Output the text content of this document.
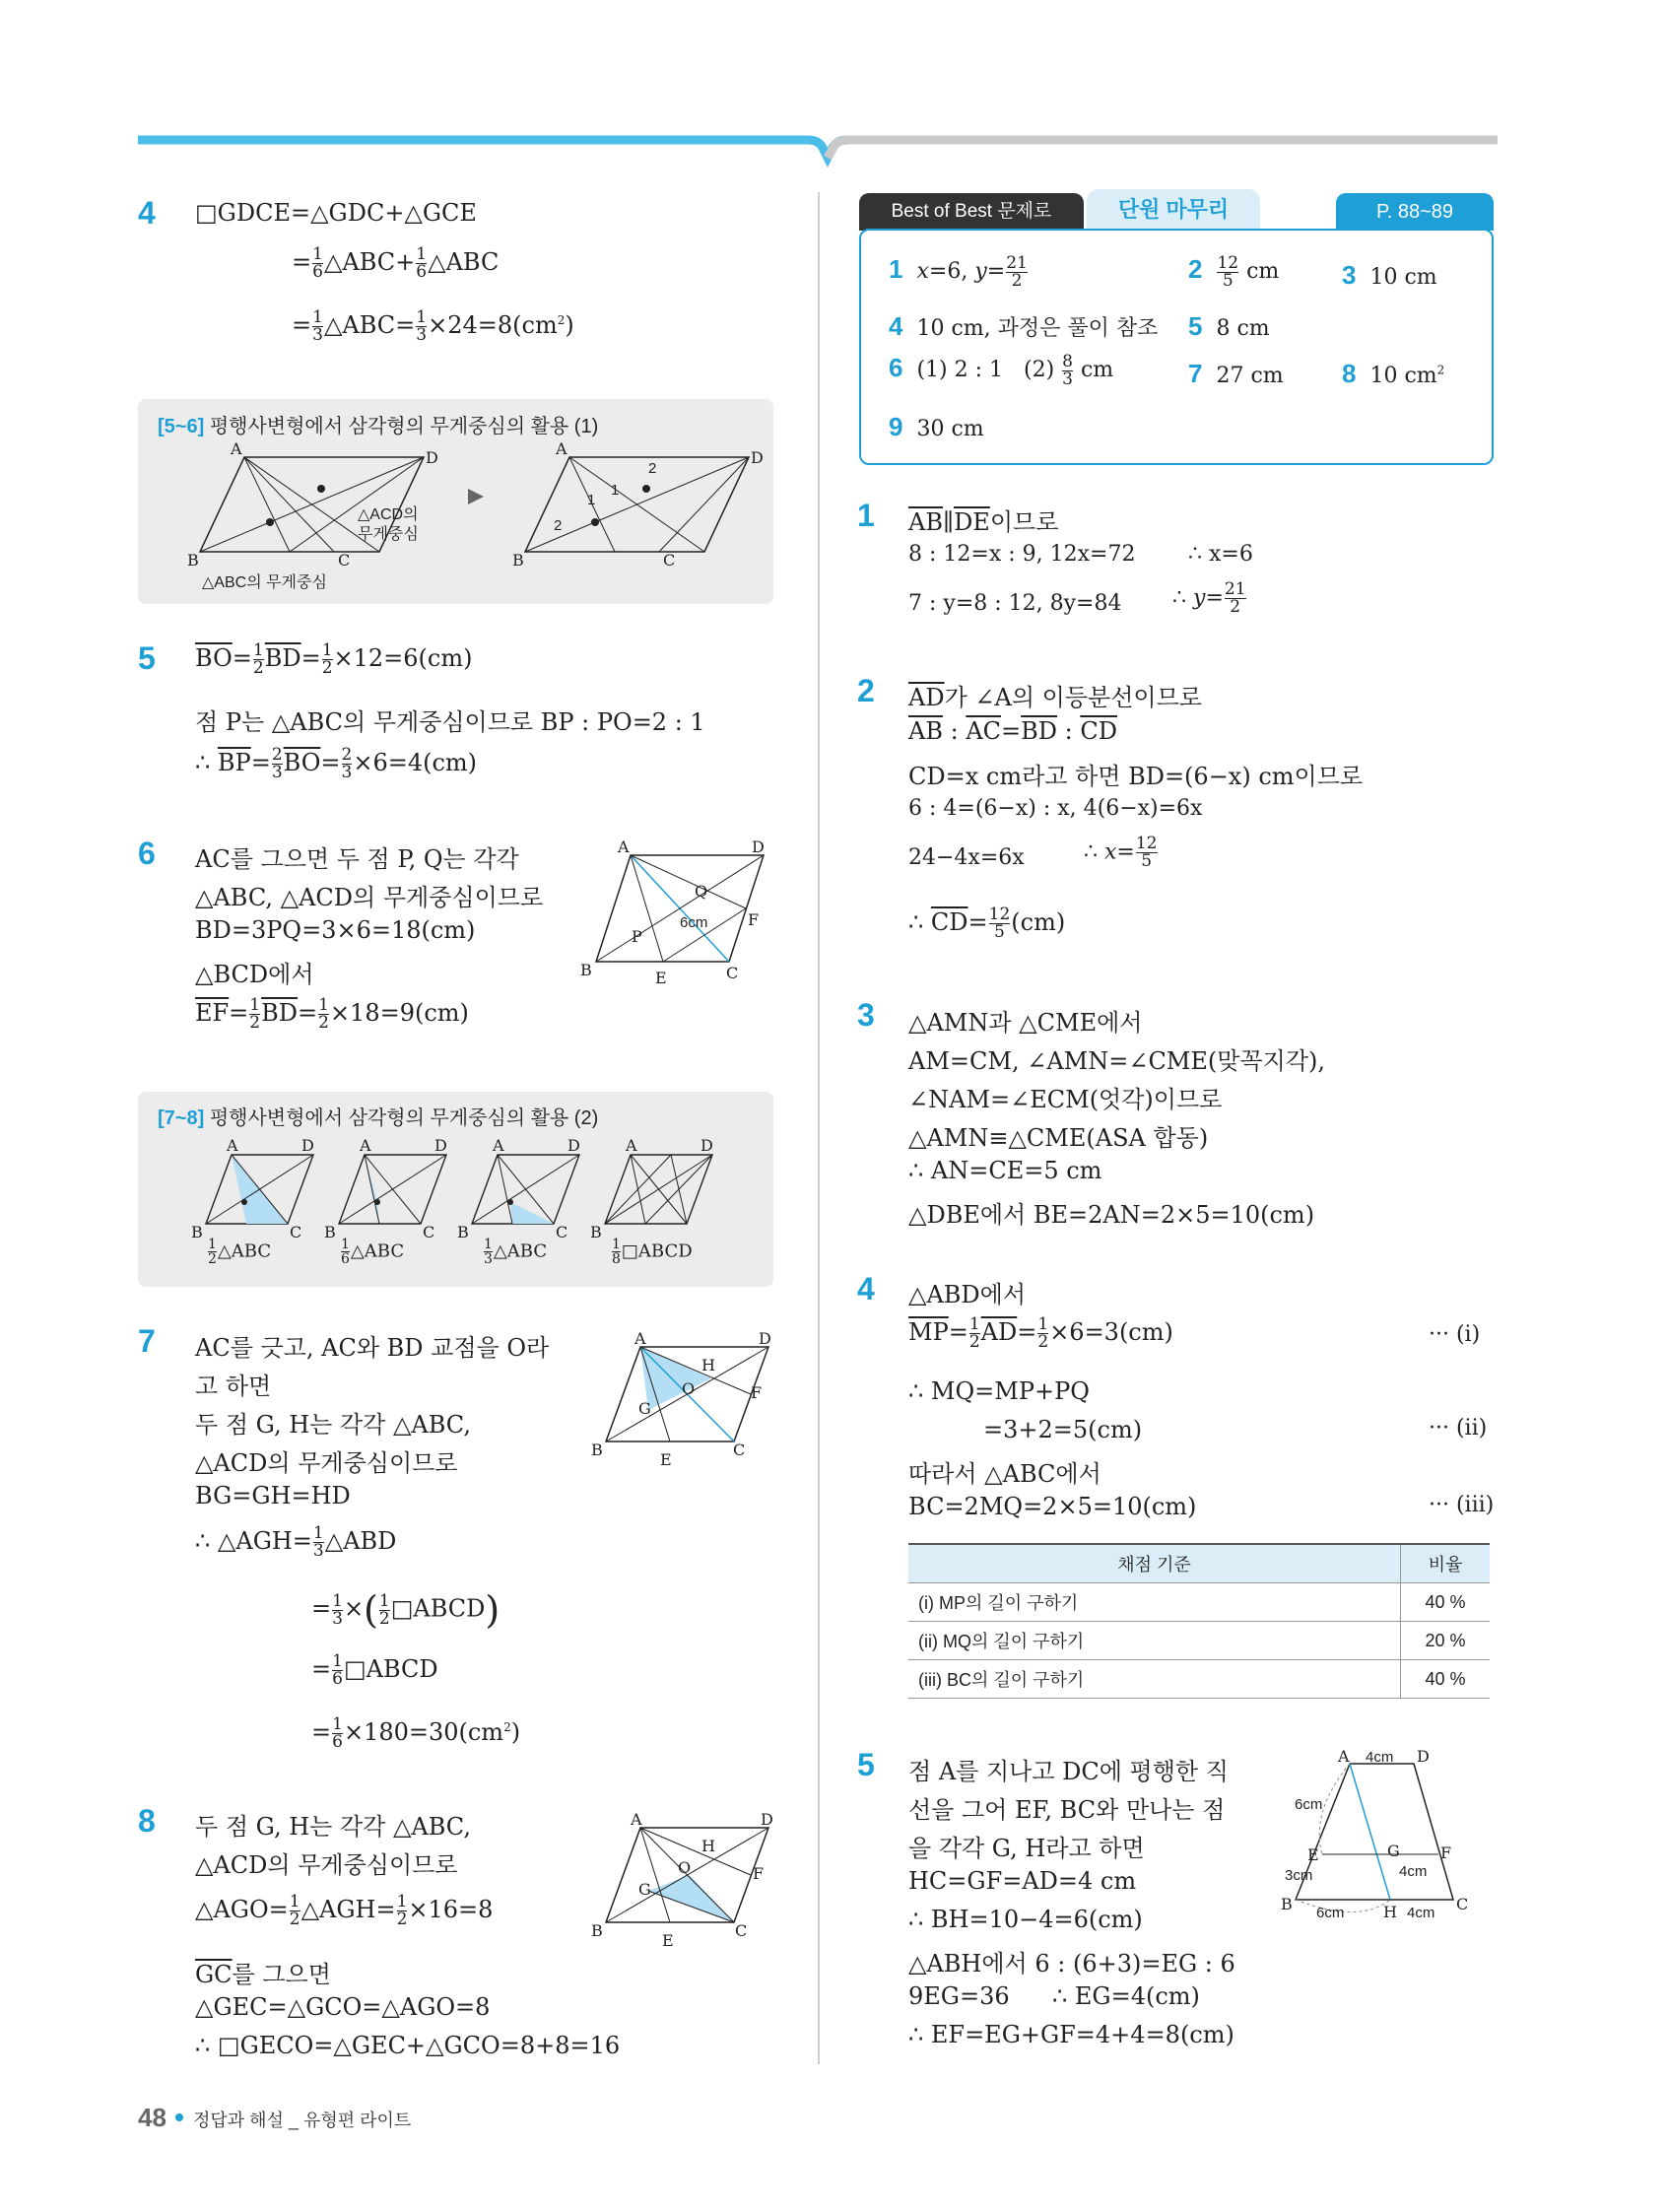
4 □GDCE=△GDC+△GCE
= $\frac{1}{6}$ △ABC+ $\frac{1}{6}$ △ABC
= $\frac{1}{3}$ △ABC= $\frac{1}{3} \times 24=8(cm^2)$
[5~6] 평행사변형에서 삼각형의 무게중심의 활용 (1)
A	D
B	C
△ACD의 무게중심
△ABC의 무게중심
A	D
B	C
2
1
1
2
5 $\overline{BO}= \frac{1}{2} \overline{BD}= \frac{1}{2} \times 12=6(cm)$
점 P는 △ABC의 무게중심이므로 BP : PO=2 : 1
∴ $\overline{BP}= \frac{2}{3} \overline{BO}= \frac{2}{3} \times 6=4(cm)$
6 AC를 그으면 두 점 P, Q는 각각
△ABC, △ACD의 무게중심이므로
BD=3PQ=3×6=18(cm)
△BCD에서
$\overline{EF}= \frac{1}{2} \overline{BD}= \frac{1}{2} \times 18=9(cm)$
A	D
B	C
P
Q
F
E
6cm
[7~8] 평행사변형에서 삼각형의 무게중심의 활용 (2)
A	D
B	C
A	D
B	C
A	D
B	C
A	D
B
$\frac{1}{2}$ △ABC	$\frac{1}{6}$ △ABC	$\frac{1}{3}$ △ABC	$\frac{1}{8}$ □ABCD
7 AC를 긋고, AC와 BD 교점을 O라
고 하면
두 점 G, H는 각각 △ABC,
△ACD의 무게중심이므로
BG=GH=HD
∴ △AGH= $\frac{1}{3}$ △ABD
= $\frac{1}{3}$ ×( $\frac{1}{2}$ □ABCD)
= $\frac{1}{6}$ □ABCD
= $\frac{1}{6} \times 180=30(cm^2)$
A	D
B	C
G
H
O	F
E
8 두 점 G, H는 각각 △ABC,
△ACD의 무게중심이므로
△AGO= $\frac{1}{2}$ △AGH= $\frac{1}{2} \times 16=8$
$\overline{GC}$를 그으면
△GEC=△GCO=△AGO=8
∴ □GECO=△GEC+△GCO=8+8=16
A	D
B	C
G
H
O	F
E
48 정답과 해설 _ 유형편 라이트
Best of Best 문제로	단원 마무리	P. 88~89
1 x=6, $y= \frac{21}{2}$	$2 \frac{12}{5}$ cm 3 10 cm
4 10 cm, 과정은 풀이 참조 5 8 cm
6 (1) 2 : 1   $(2) \frac{8}{3}$ cm	7 27 cm 8 10 $cm^2$
9 30 cm
1 $\overline{AB}\parallel\overline{DE}$이므로
8 : 12=x : 9, 12x=72 ∴ x=6
7 : y=8 : 12, 8y=84 ∴ $y= \frac{21}{2}$
2 $\overline{AD}$가 ∠A의 이등분선이므로
$\overline{AB}$ : $\overline{AC}=\overline{BD}$ : $\overline{CD}$
CD=x cm라고 하면 BD=(6−x) cm이므로
6 : 4=(6−x) : x, 4(6−x)=6x
24−4x=6x	∴ $x= \frac{12}{5}$
∴ $\overline{CD}= \frac{12}{5} (cm)$
3 △AMN과 △CME에서
AM=CM, ∠AMN=∠CME(맞꼭지각),
∠NAM=∠ECM(엇각)이므로
△AMN≡△CME(ASA 합동)
∴ AN=CE=5 cm
△DBE에서 BE=2AN=2×5=10(cm)
4 △ABD에서
$\overline{MP}= \frac{1}{2} \overline{AD}= \frac{1}{2} \times 6=3(cm)$	··· (i)
∴ MQ=MP+PQ
=3+2=5(cm)	··· (ii)
따라서 △ABC에서
BC=2MQ=2×5=10(cm)	··· (iii)
채점 기준	비율
(i) MP의 길이 구하기	40 %
(ii) MQ의 길이 구하기	20 %
(iii) BC의 길이 구하기	40 %
5 점 A를 지나고 DC에 평행한 직
선을 그어 EF, BC와 만나는 점
을 각각 G, H라고 하면
HC=GF=AD=4 cm
∴ BH=10−4=6(cm)
△ABH에서 6 : (6+3)=EG : 6
9EG=36 ∴ EG=4(cm)
∴ EF=EG+GF=4+4=8(cm)
A	D
B	C
E	F
G
H
4cm
6cm
3cm	4cm
6cm	4cm
